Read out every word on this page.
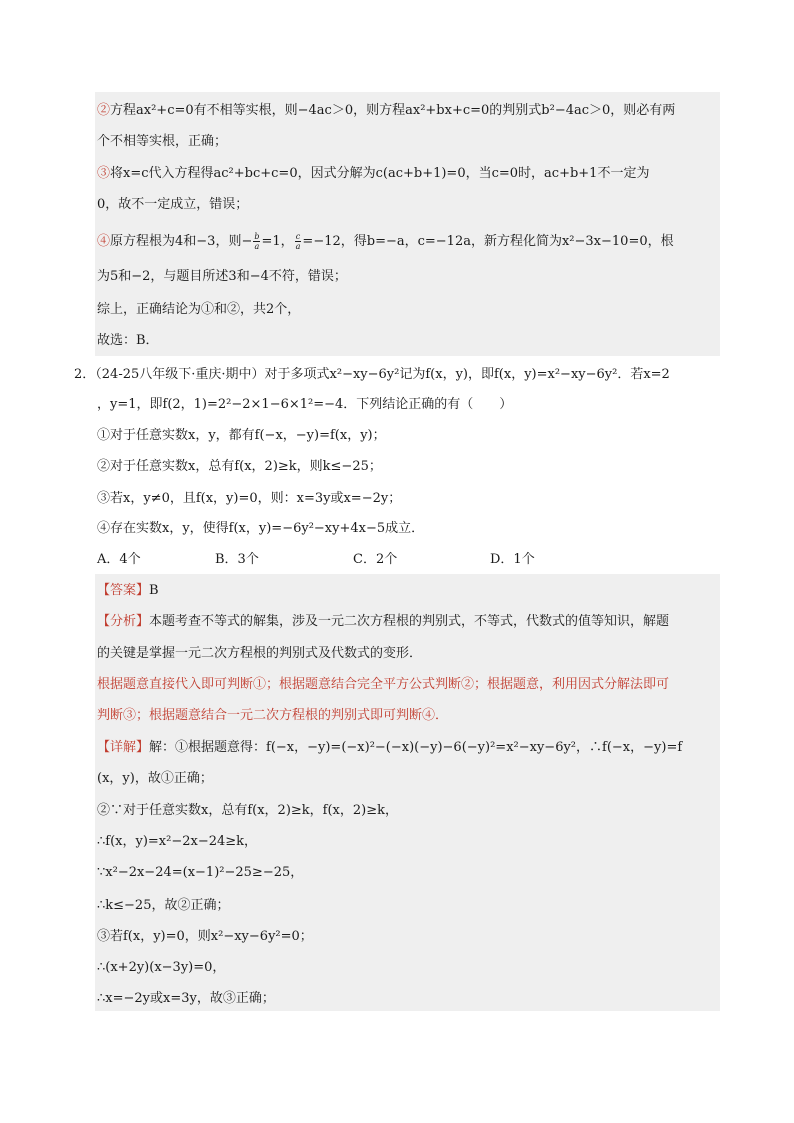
②方程ax²+c=0有不相等实根，则−4ac＞0，则方程ax²+bx+c=0的判别式b²−4ac＞0，则必有两
个不相等实根，正确；
③将x=c代入方程得ac²+bc+c=0，因式分解为c(ac+b+1)=0，当c=0时，ac+b+1不一定为
0，故不一定成立，错误；
④原方程根为4和−3，则− $\frac{b}{a} =1$， $\frac{c}{a} =-12$，得b=−a，c=−12a，新方程化简为x²−3x−10=0，根
为5和−2，与题目所述3和−4不符，错误；
综上，正确结论为①和②，共2个，
故选：B．
2．（24-25八年级下·重庆·期中）对于多项式x²−xy−6y²记为f(x，y)，即f(x，y)=x²−xy−6y²．若x=2
，y=1，即f(2，1)=2²−2×1−6×1²=−4．下列结论正确的有（　　）
①对于任意实数x，y，都有f(−x，−y)=f(x，y)；
②对于任意实数x，总有f(x，2)≥k，则k≤−25；
③若x，y≠0，且f(x，y)=0，则：x=3y或x=−2y；
④存在实数x，y，使得f(x，y)=−6y²−xy+4x−5成立．
A．4个	B．3个	C．2个	D．1个
【答案】B
【分析】本题考查不等式的解集，涉及一元二次方程根的判别式，不等式，代数式的值等知识，解题
的关键是掌握一元二次方程根的判别式及代数式的变形．
根据题意直接代入即可判断①；根据题意结合完全平方公式判断②；根据题意，利用因式分解法即可
判断③；根据题意结合一元二次方程根的判别式即可判断④．
【详解】解：①根据题意得：f(−x，−y)=(−x)²−(−x)(−y)−6(−y)²=x²−xy−6y²，∴f(−x，−y)=f
(x，y)，故①正确；
②∵对于任意实数x，总有f(x，2)≥k，f(x，2)≥k，
∴f(x，y)=x²−2x−24≥k，
∵x²−2x−24=(x−1)²−25≥−25，
∴k≤−25，故②正确；
③若f(x，y)=0，则x²−xy−6y²=0；
∴(x+2y)(x−3y)=0，
∴x=−2y或x=3y，故③正确；
